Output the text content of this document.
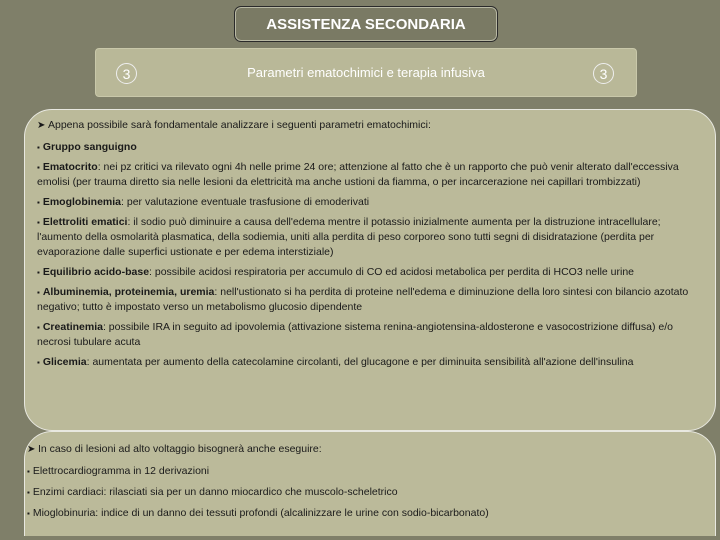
ASSISTENZA SECONDARIA
3	Parametri ematochimici e terapia infusiva	3
➤ Appena possibile sarà fondamentale analizzare i seguenti parametri ematochimici:
▪ Gruppo sanguigno
▪ Ematocrito: nei pz critici va rilevato ogni 4h nelle prime 24 ore; attenzione al fatto che è un rapporto che può venir alterato dall'eccessiva emolisi (per trauma diretto sia nelle lesioni da elettricità ma anche ustioni da fiamma, o per incarcerazione nei capillari trombizzati)
▪ Emoglobinemia: per valutazione eventuale trasfusione di emoderivati
▪ Elettroliti ematici: il sodio può diminuire a causa dell'edema mentre il potassio inizialmente aumenta per la distruzione intracellulare; l'aumento della osmolarità plasmatica, della sodiemia, uniti alla perdita di peso corporeo sono tutti segni di disidratazione (perdita per evaporazione dalle superfici ustionate e per edema interstiziale)
▪ Equilibrio acido-base: possibile acidosi respiratoria per accumulo di CO ed acidosi metabolica per perdita di HCO3 nelle urine
▪ Albuminemia, proteinemia, uremia: nell'ustionato si ha perdita di proteine nell'edema e diminuzione della loro sintesi con bilancio azotato negativo; tutto è impostato verso un metabolismo glucosio dipendente
▪ Creatinemia: possibile IRA in seguito ad ipovolemia (attivazione sistema renina-angiotensina-aldosterone e vasocostrizione diffusa) e/o necrosi tubulare acuta
▪ Glicemia: aumentata per aumento della catecolamine circolanti, del glucagone e per diminuita sensibilità all'azione dell'insulina
➤ In caso di lesioni ad alto voltaggio bisognerà anche eseguire:
▪ Elettrocardiogramma in 12 derivazioni
▪ Enzimi cardiaci: rilasciati sia per un danno miocardico che muscolo-scheletrico
▪ Mioglobinuria: indice di un danno dei tessuti profondi (alcalinizzare le urine con sodio-bicarbonato)
